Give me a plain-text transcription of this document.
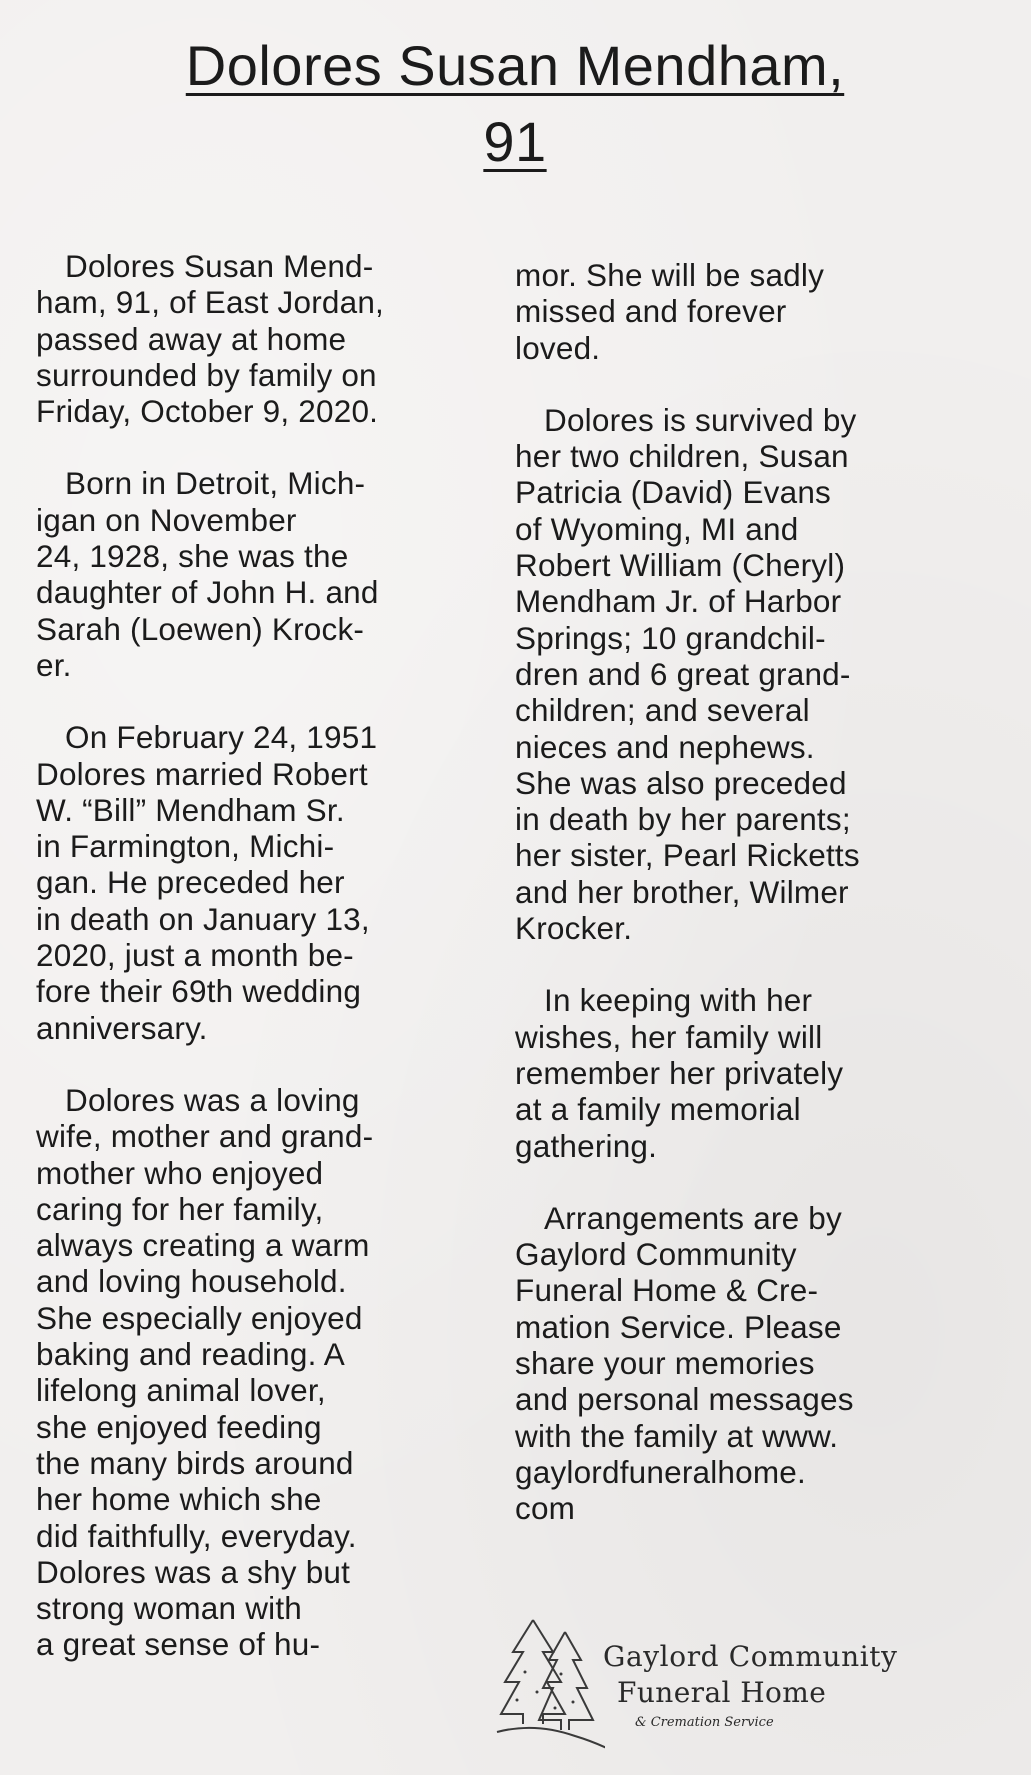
Dolores Susan Mendham,
91
Dolores Susan Mend-
ham, 91, of East Jordan,
passed away at home
surrounded by family on
Friday, October 9, 2020.
Born in Detroit, Mich-
igan on November
24, 1928, she was the
daughter of John H. and
Sarah (Loewen) Krock-
er.
On February 24, 1951
Dolores married Robert
W. “Bill” Mendham Sr.
in Farmington, Michi-
gan. He preceded her
in death on January 13,
2020, just a month be-
fore their 69th wedding
anniversary.
Dolores was a loving
wife, mother and grand-
mother who enjoyed
caring for her family,
always creating a warm
and loving household.
She especially enjoyed
baking and reading. A
lifelong animal lover,
she enjoyed feeding
the many birds around
her home which she
did faithfully, everyday.
Dolores was a shy but
strong woman with
a great sense of hu-
mor. She will be sadly
missed and forever
loved.
Dolores is survived by
her two children, Susan
Patricia (David) Evans
of Wyoming, MI and
Robert William (Cheryl)
Mendham Jr. of Harbor
Springs; 10 grandchil-
dren and 6 great grand-
children; and several
nieces and nephews.
She was also preceded
in death by her parents;
her sister, Pearl Ricketts
and her brother, Wilmer
Krocker.
In keeping with her
wishes, her family will
remember her privately
at a family memorial
gathering.
Arrangements are by
Gaylord Community
Funeral Home & Cre-
mation Service. Please
share your memories
and personal messages
with the family at www.
gaylordfuneralhome.
com
Gaylord Community
Funeral Home
& Cremation Service
